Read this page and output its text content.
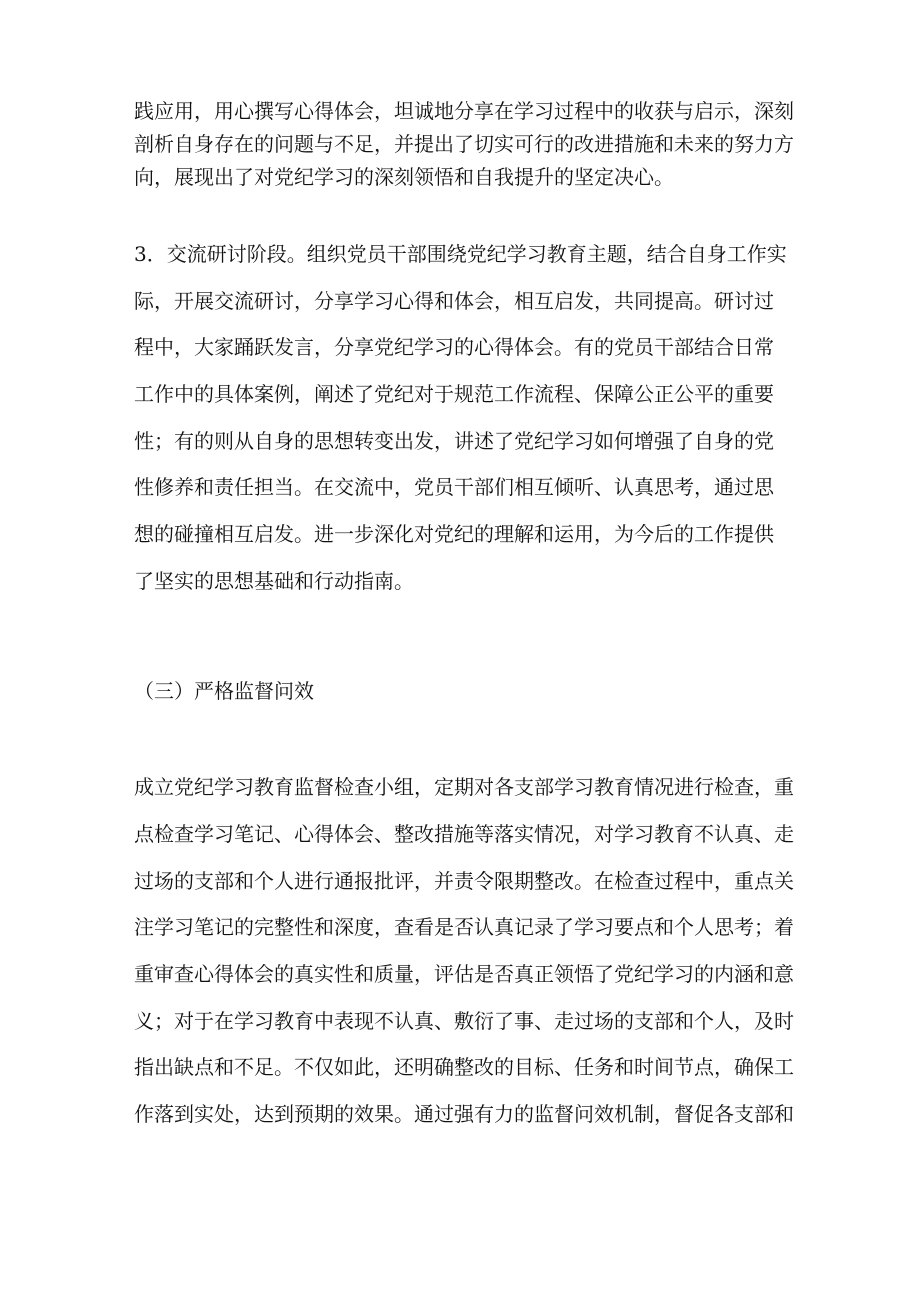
践应用，用心撰写心得体会，坦诚地分享在学习过程中的收获与启示，深刻
剖析自身存在的问题与不足，并提出了切实可行的改进措施和未来的努力方
向，展现出了对党纪学习的深刻领悟和自我提升的坚定决心。
3．交流研讨阶段。组织党员干部围绕党纪学习教育主题，结合自身工作实
际，开展交流研讨，分享学习心得和体会，相互启发，共同提高。研讨过
程中，大家踊跃发言，分享党纪学习的心得体会。有的党员干部结合日常
工作中的具体案例，阐述了党纪对于规范工作流程、保障公正公平的重要
性；有的则从自身的思想转变出发，讲述了党纪学习如何增强了自身的党
性修养和责任担当。在交流中，党员干部们相互倾听、认真思考，通过思
想的碰撞相互启发。进一步深化对党纪的理解和运用，为今后的工作提供
了坚实的思想基础和行动指南。
（三）严格监督问效
成立党纪学习教育监督检查小组，定期对各支部学习教育情况进行检查，重
点检查学习笔记、心得体会、整改措施等落实情况，对学习教育不认真、走
过场的支部和个人进行通报批评，并责令限期整改。在检查过程中，重点关
注学习笔记的完整性和深度，查看是否认真记录了学习要点和个人思考；着
重审查心得体会的真实性和质量，评估是否真正领悟了党纪学习的内涵和意
义；对于在学习教育中表现不认真、敷衍了事、走过场的支部和个人，及时
指出缺点和不足。不仅如此，还明确整改的目标、任务和时间节点，确保工
作落到实处，达到预期的效果。通过强有力的监督问效机制，督促各支部和
